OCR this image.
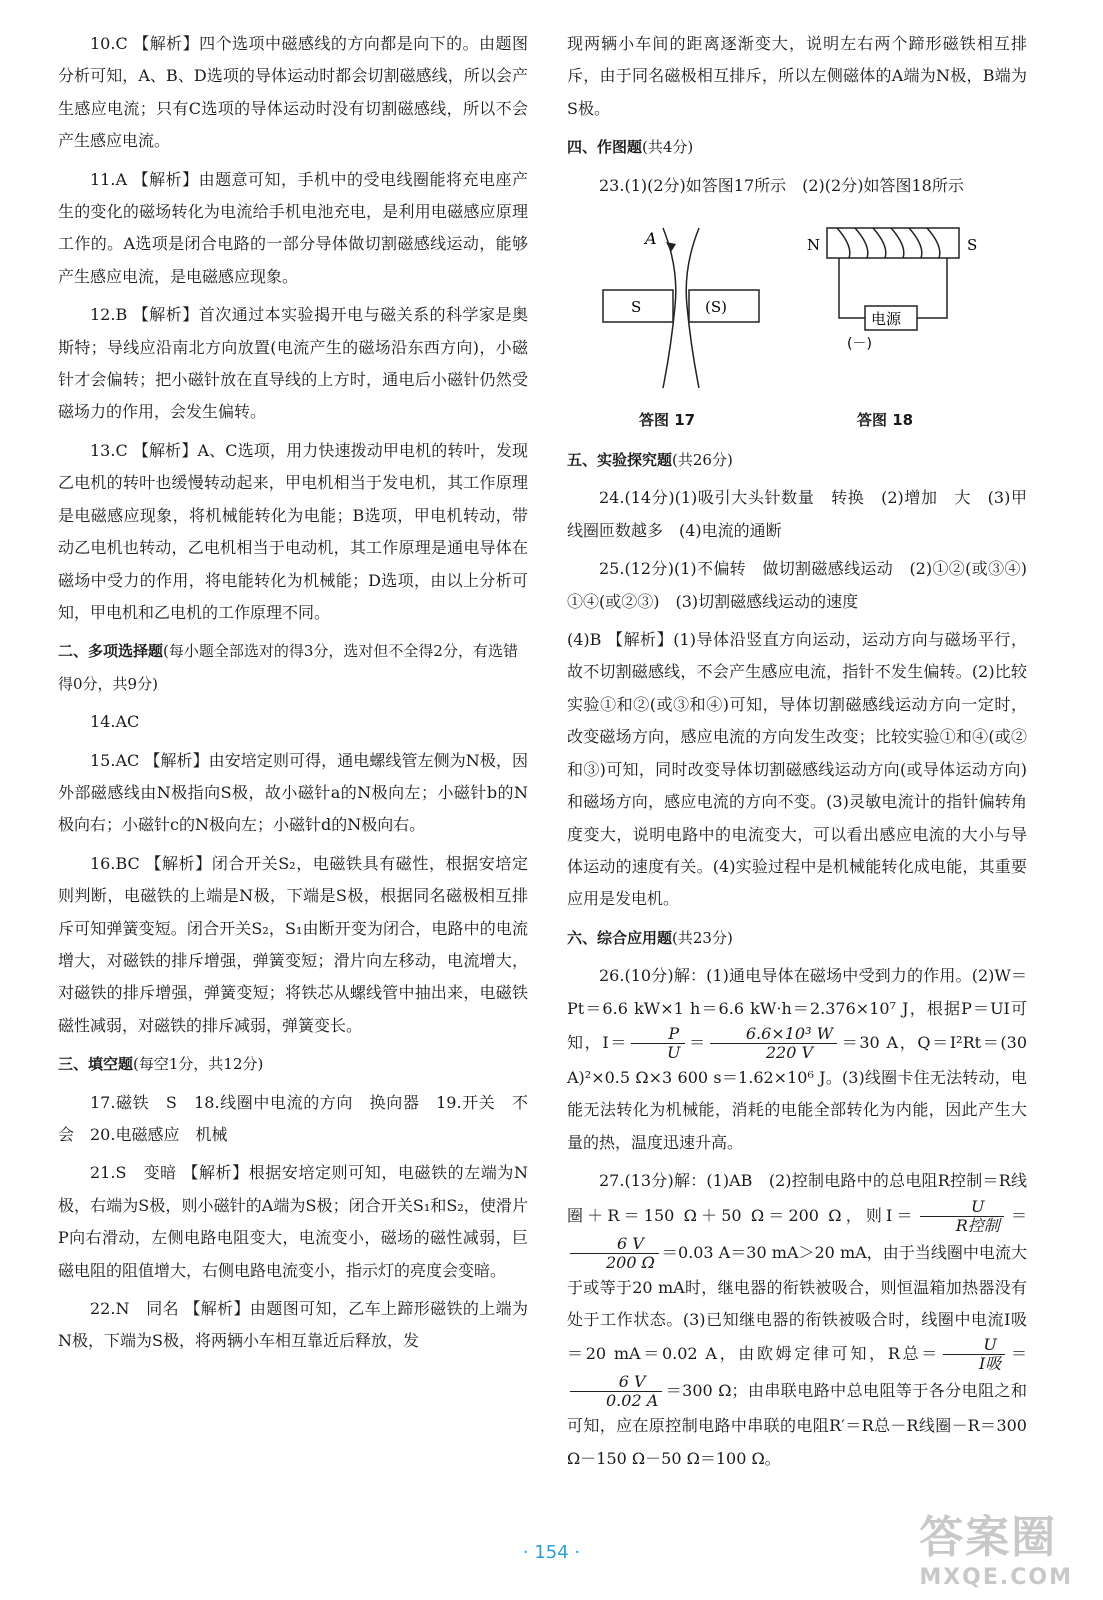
10.C 【解析】四个选项中磁感线的方向都是向下的。由题图分析可知，A、B、D选项的导体运动时都会切割磁感线，所以会产生感应电流；只有C选项的导体运动时没有切割磁感线，所以不会产生感应电流。

11.A 【解析】由题意可知，手机中的受电线圈能将充电座产生的变化的磁场转化为电流给手机电池充电，是利用电磁感应原理工作的。A选项是闭合电路的一部分导体做切割磁感线运动，能够产生感应电流，是电磁感应现象。

12.B 【解析】首次通过本实验揭开电与磁关系的科学家是奥斯特；导线应沿南北方向放置(电流产生的磁场沿东西方向)，小磁针才会偏转；把小磁针放在直导线的上方时，通电后小磁针仍然受磁场力的作用，会发生偏转。

13.C 【解析】A、C选项，用力快速拨动甲电机的转叶，发现乙电机的转叶也缓慢转动起来，甲电机相当于发电机，其工作原理是电磁感应现象，将机械能转化为电能；B选项，甲电机转动，带动乙电机也转动，乙电机相当于电动机，其工作原理是通电导体在磁场中受力的作用，将电能转化为机械能；D选项，由以上分析可知，甲电机和乙电机的工作原理不同。

二、多项选择题(每小题全部选对的得3分，选对但不全得2分，有选错得0分，共9分)

14.AC

15.AC 【解析】由安培定则可得，通电螺线管左侧为N极，因外部磁感线由N极指向S极，故小磁针a的N极向左；小磁针b的N极向右；小磁针c的N极向左；小磁针d的N极向右。

16.BC 【解析】闭合开关S₂，电磁铁具有磁性，根据安培定则判断，电磁铁的上端是N极，下端是S极，根据同名磁极相互排斥可知弹簧变短。闭合开关S₂，S₁由断开变为闭合，电路中的电流增大，对磁铁的排斥增强，弹簧变短；滑片向左移动，电流增大，对磁铁的排斥增强，弹簧变短；将铁芯从螺线管中抽出来，电磁铁磁性减弱，对磁铁的排斥减弱，弹簧变长。

三、填空题(每空1分，共12分)

17.磁铁　S　18.线圈中电流的方向　换向器　19.开关　不会　20.电磁感应　机械

21.S　变暗 【解析】根据安培定则可知，电磁铁的左端为N极，右端为S极，则小磁针的A端为S极；闭合开关S₁和S₂，使滑片P向右滑动，左侧电路电阻变大，电流变小，磁场的磁性减弱，巨磁电阻的阻值增大，右侧电路电流变小，指示灯的亮度会变暗。

22.N　同名 【解析】由题图可知，乙车上蹄形磁铁的上端为N极，下端为S极，将两辆小车相互靠近后释放，发

现两辆小车间的距离逐渐变大，说明左右两个蹄形磁铁相互排斥，由于同名磁极相互排斥，所以左侧磁体的A端为N极，B端为S极。

四、作图题(共4分)

23.(1)(2分)如答图17所示　(2)(2分)如答图18所示

A
S	(S)
电源
(－)
N	S
答图 17	答图 18

五、实验探究题(共26分)

24.(14分)(1)吸引大头针数量　转换　(2)增加　大　(3)甲　线圈匝数越多　(4)电流的通断

25.(12分)(1)不偏转　做切割磁感线运动　(2)①②(或③④)　①④(或②③)　(3)切割磁感线运动的速度

(4)B 【解析】(1)导体沿竖直方向运动，运动方向与磁场平行，故不切割磁感线，不会产生感应电流，指针不发生偏转。(2)比较实验①和②(或③和④)可知，导体切割磁感线运动方向一定时，改变磁场方向，感应电流的方向发生改变；比较实验①和④(或②和③)可知，同时改变导体切割磁感线运动方向(或导体运动方向)和磁场方向，感应电流的方向不变。(3)灵敏电流计的指针偏转角度变大，说明电路中的电流变大，可以看出感应电流的大小与导体运动的速度有关。(4)实验过程中是机械能转化成电能，其重要应用是发电机。

六、综合应用题(共23分)

26.(10分)解：(1)通电导体在磁场中受到力的作用。(2)W＝Pt＝6.6 kW×1 h＝6.6 kW·h＝2.376×10⁷ J，根据P＝UI可知，$I= \frac{P}{U} = \frac{\text{6.6×10³ W}}{220 V} =30$ A，Q＝I²Rt＝(30 A)²×0.5 Ω×3 600 s＝1.62×10⁶ J。(3)线圈卡住无法转动，电能无法转化为机械能，消耗的电能全部转化为内能，因此产生大量的热，温度迅速升高。

27.(13分)解：(1)AB　(2)控制电路中的总电阻R控制＝R线圈＋R＝150 Ω＋50 Ω＝200 Ω，则$I= \frac{U}{\text{R控制}}$ ＝
$\frac{6 V}{200 \Omega} =0.03$ A＝30 mA＞20 mA，由于当线圈中电流大于或等于20 mA时，继电器的衔铁被吸合，则恒温箱加热器没有处于工作状态。(3)已知继电器的衔铁被吸合时，线圈中电流I吸＝20 mA＝0.02 A，由欧姆定律可知，R总＝ $\frac{U}{\text{I吸}}$ ＝
$\frac{6 V}{0.02 A} =300$ Ω；由串联电路中总电阻等于各分电阻之和可知，应在原控制电路中串联的电阻R′＝R总－R线圈－R＝300 Ω－150 Ω－50 Ω＝100 Ω。

· 154 ·	答案圈
MXQE.COM
